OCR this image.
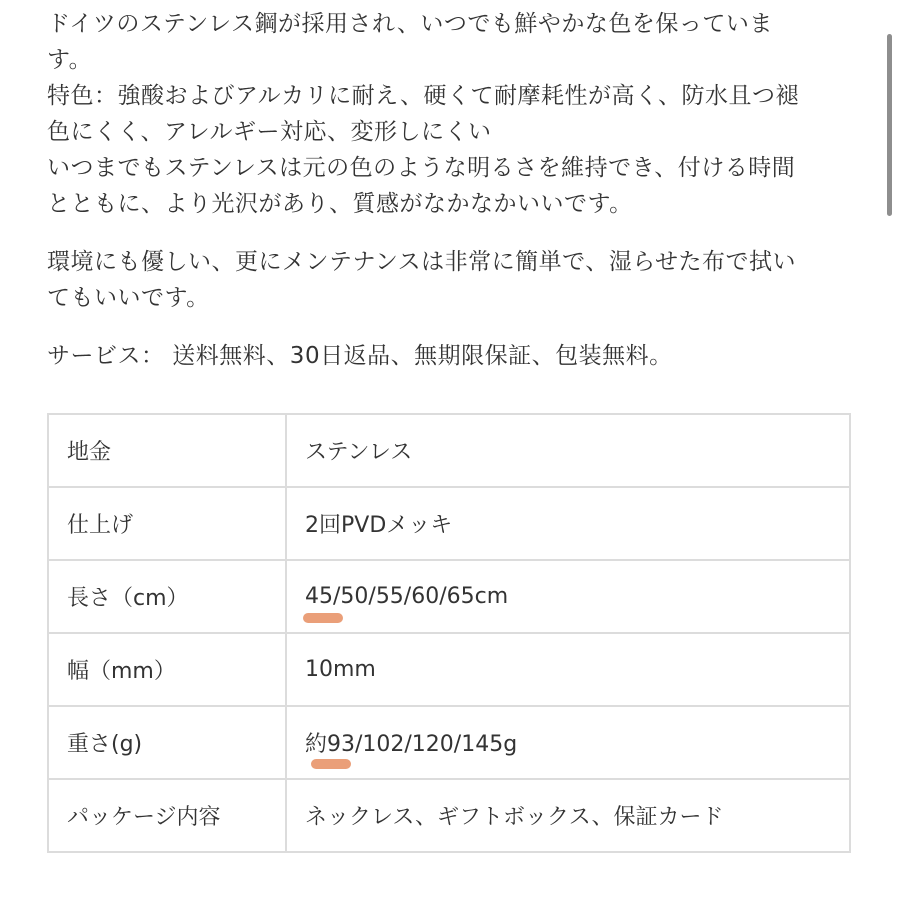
ドイツのステンレス鋼が採用され、いつでも鮮やかな色を保っていま
す。
特色：強酸およびアルカリに耐え、硬くて耐摩耗性が高く、防水且つ褪
色にくく、アレルギー対応、変形しにくい
いつまでもステンレスは元の色のような明るさを維持でき、付ける時間
とともに、より光沢があり、質感がなかなかいいです。

環境にも優しい、更にメンテナンスは非常に簡単で、湿らせた布で拭い
てもいいです。

サービス： 送料無料、30日返品、無期限保証、包装無料。

地金	ステンレス
仕上げ	2回PVDメッキ
長さ（cm）	45/50/55/60/65cm

幅（mm）	10mm
重さ(g)	約93/102/120/145g

パッケージ内容	ネックレス、ギフトボックス、保証カード
